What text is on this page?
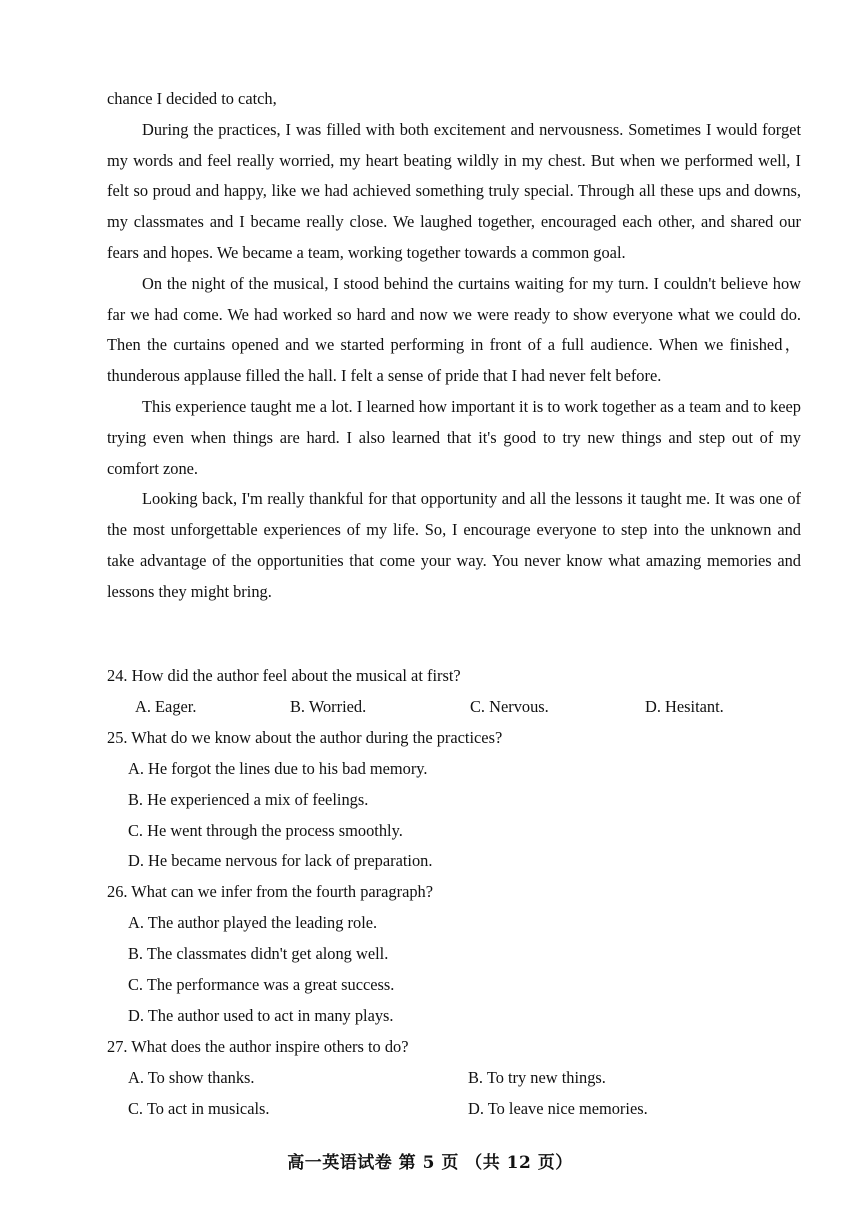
chance I decided to catch,

During the practices, I was filled with both excitement and nervousness. Sometimes I would forget my words and feel really worried, my heart beating wildly in my chest. But when we performed well, I felt so proud and happy, like we had achieved something truly special. Through all these ups and downs, my classmates and I became really close. We laughed together, encouraged each other, and shared our fears and hopes. We became a team, working together towards a common goal.

On the night of the musical, I stood behind the curtains waiting for my turn. I couldn't believe how far we had come. We had worked so hard and now we were ready to show everyone what we could do. Then the curtains opened and we started performing in front of a full audience. When we finished，thunderous applause filled the hall. I felt a sense of pride that I had never felt before.

This experience taught me a lot. I learned how important it is to work together as a team and to keep trying even when things are hard. I also learned that it's good to try new things and step out of my comfort zone.

Looking back, I'm really thankful for that opportunity and all the lessons it taught me. It was one of the most unforgettable experiences of my life. So, I encourage everyone to step into the unknown and take advantage of the opportunities that come your way. You never know what amazing memories and lessons they might bring.

24. How did the author feel about the musical at first?
A. Eager.	B. Worried.	C. Nervous.	D. Hesitant.
25. What do we know about the author during the practices?
A. He forgot the lines due to his bad memory.
B. He experienced a mix of feelings.
C. He went through the process smoothly.
D. He became nervous for lack of preparation.
26. What can we infer from the fourth paragraph?
A. The author played the leading role.
B. The classmates didn't get along well.
C. The performance was a great success.
D. The author used to act in many plays.
27. What does the author inspire others to do?
A. To show thanks.	B. To try new things.
C. To act in musicals.	D. To leave nice memories.
高一英语试卷 第 5 页 （共 12 页）
